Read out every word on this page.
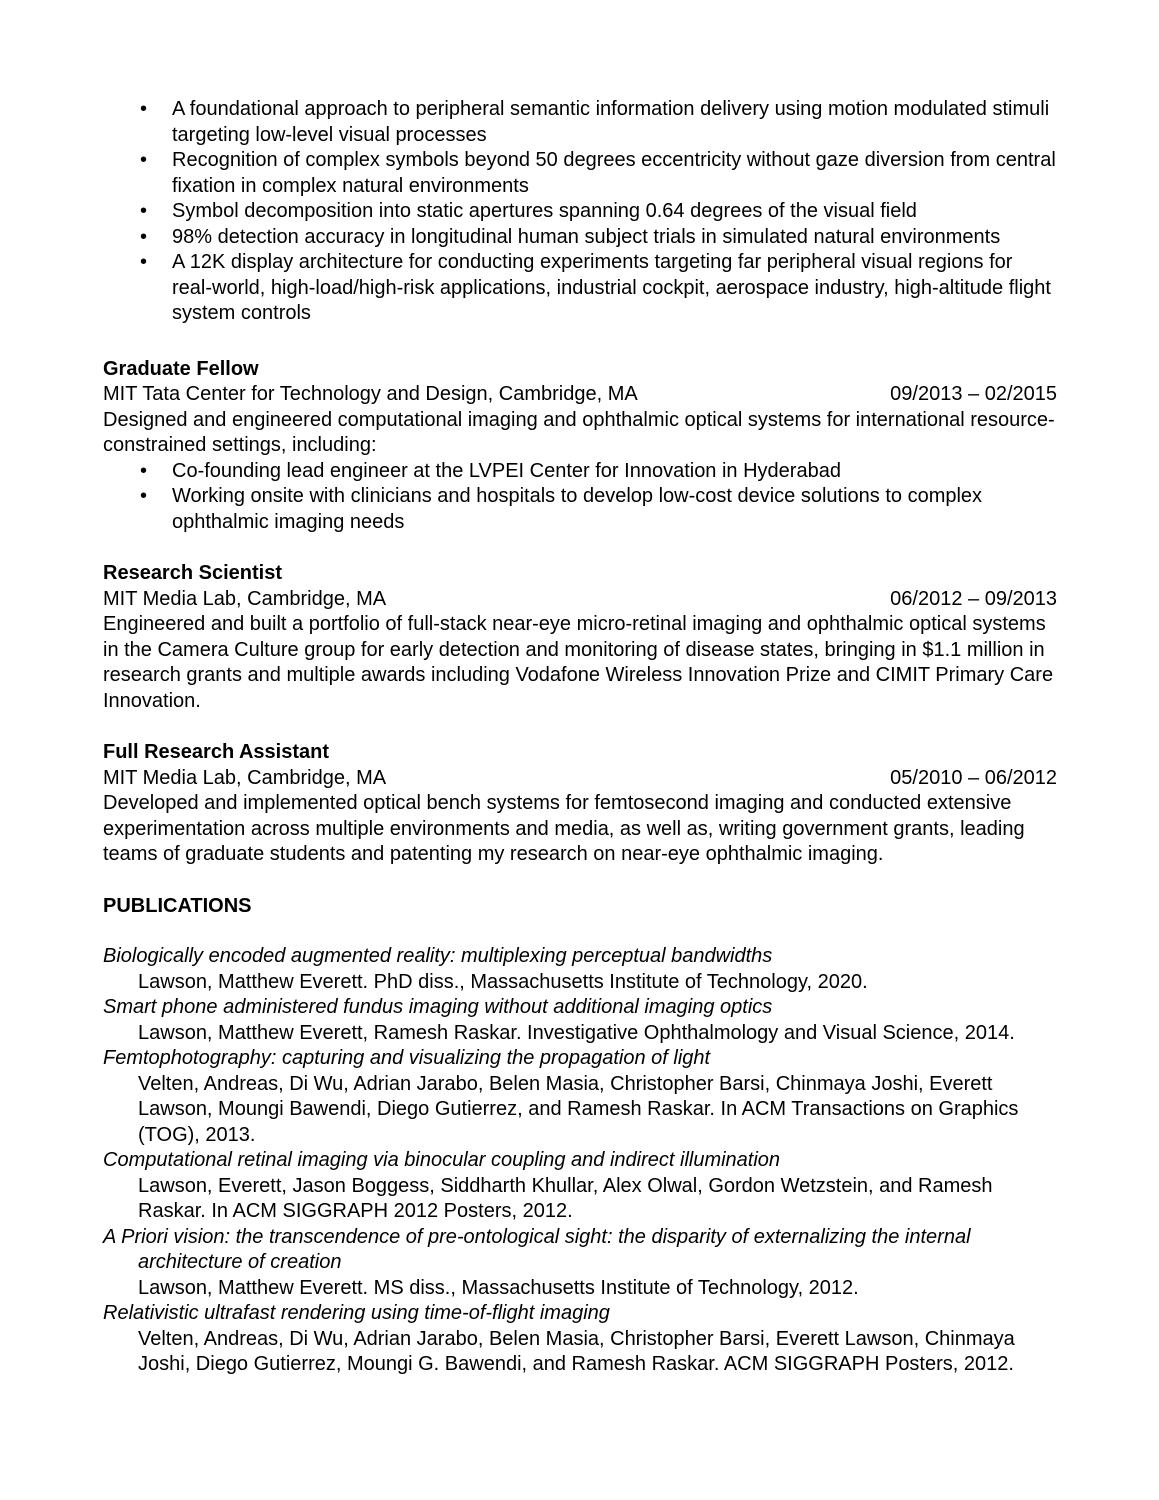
• A foundational approach to peripheral semantic information delivery using motion modulated stimuli targeting low-level visual processes
• Recognition of complex symbols beyond 50 degrees eccentricity without gaze diversion from central fixation in complex natural environments
• Symbol decomposition into static apertures spanning 0.64 degrees of the visual field
• 98% detection accuracy in longitudinal human subject trials in simulated natural environments
• A 12K display architecture for conducting experiments targeting far peripheral visual regions for real-world, high-load/high-risk applications, industrial cockpit, aerospace industry, high-altitude flight system controls
Graduate Fellow
MIT Tata Center for Technology and Design, Cambridge, MA	09/2013 – 02/2015

Designed and engineered computational imaging and ophthalmic optical systems for international resource-constrained settings, including:

• Co-founding lead engineer at the LVPEI Center for Innovation in Hyderabad
• Working onsite with clinicians and hospitals to develop low-cost device solutions to complex ophthalmic imaging needs
Research Scientist
MIT Media Lab, Cambridge, MA	06/2012 – 09/2013

Engineered and built a portfolio of full-stack near-eye micro-retinal imaging and ophthalmic optical systems in the Camera Culture group for early detection and monitoring of disease states, bringing in $1.1 million in research grants and multiple awards including Vodafone Wireless Innovation Prize and CIMIT Primary Care Innovation.

Full Research Assistant
MIT Media Lab, Cambridge, MA	05/2010 – 06/2012

Developed and implemented optical bench systems for femtosecond imaging and conducted extensive experimentation across multiple environments and media, as well as, writing government grants, leading teams of graduate students and patenting my research on near-eye ophthalmic imaging.

PUBLICATIONS
Biologically encoded augmented reality: multiplexing perceptual bandwidths
Lawson, Matthew Everett. PhD diss., Massachusetts Institute of Technology, 2020.
Smart phone administered fundus imaging without additional imaging optics
Lawson, Matthew Everett, Ramesh Raskar. Investigative Ophthalmology and Visual Science, 2014.
Femtophotography: capturing and visualizing the propagation of light
Velten, Andreas, Di Wu, Adrian Jarabo, Belen Masia, Christopher Barsi, Chinmaya Joshi, Everett Lawson, Moungi Bawendi, Diego Gutierrez, and Ramesh Raskar. In ACM Transactions on Graphics (TOG), 2013.
Computational retinal imaging via binocular coupling and indirect illumination
Lawson, Everett, Jason Boggess, Siddharth Khullar, Alex Olwal, Gordon Wetzstein, and Ramesh Raskar. In ACM SIGGRAPH 2012 Posters, 2012.
A Priori vision: the transcendence of pre-ontological sight: the disparity of externalizing the internal architecture of creation
Lawson, Matthew Everett. MS diss., Massachusetts Institute of Technology, 2012.
Relativistic ultrafast rendering using time-of-flight imaging
Velten, Andreas, Di Wu, Adrian Jarabo, Belen Masia, Christopher Barsi, Everett Lawson, Chinmaya Joshi, Diego Gutierrez, Moungi G. Bawendi, and Ramesh Raskar. ACM SIGGRAPH Posters, 2012.
